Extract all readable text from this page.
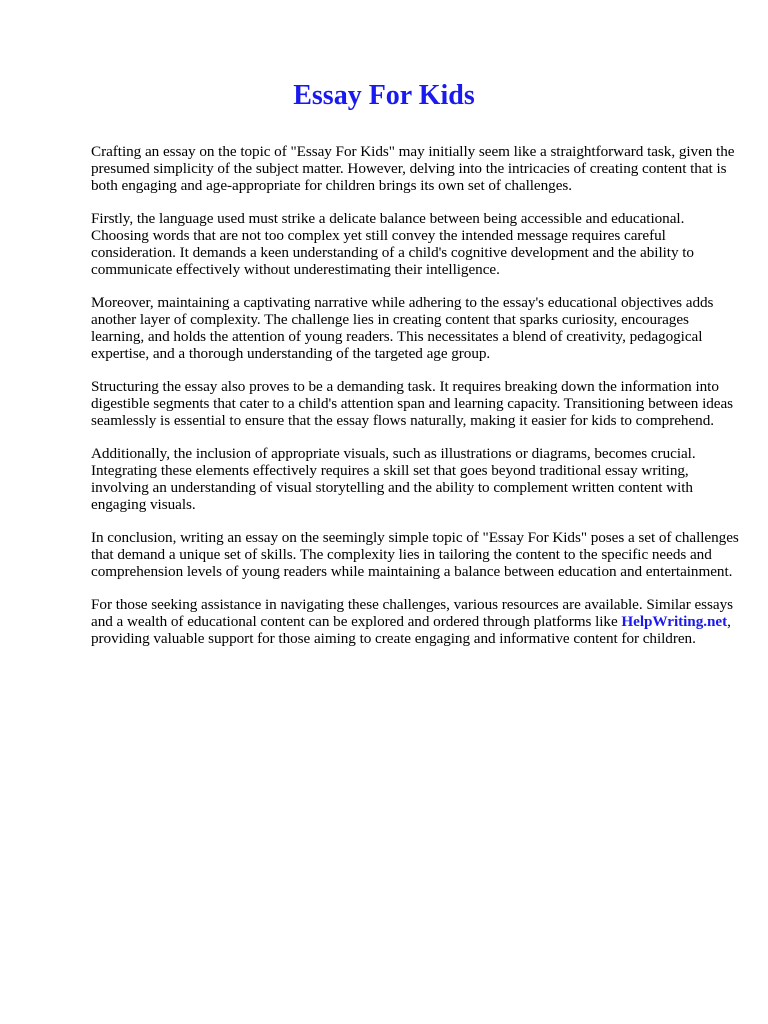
Essay For Kids

Crafting an essay on the topic of "Essay For Kids" may initially seem like a straightforward task, given the presumed simplicity of the subject matter. However, delving into the intricacies of creating content that is both engaging and age-appropriate for children brings its own set of challenges.

Firstly, the language used must strike a delicate balance between being accessible and educational. Choosing words that are not too complex yet still convey the intended message requires careful consideration. It demands a keen understanding of a child's cognitive development and the ability to communicate effectively without underestimating their intelligence.

Moreover, maintaining a captivating narrative while adhering to the essay's educational objectives adds another layer of complexity. The challenge lies in creating content that sparks curiosity, encourages learning, and holds the attention of young readers. This necessitates a blend of creativity, pedagogical expertise, and a thorough understanding of the targeted age group.

Structuring the essay also proves to be a demanding task. It requires breaking down the information into digestible segments that cater to a child's attention span and learning capacity. Transitioning between ideas seamlessly is essential to ensure that the essay flows naturally, making it easier for kids to comprehend.

Additionally, the inclusion of appropriate visuals, such as illustrations or diagrams, becomes crucial. Integrating these elements effectively requires a skill set that goes beyond traditional essay writing, involving an understanding of visual storytelling and the ability to complement written content with engaging visuals.

In conclusion, writing an essay on the seemingly simple topic of "Essay For Kids" poses a set of challenges that demand a unique set of skills. The complexity lies in tailoring the content to the specific needs and comprehension levels of young readers while maintaining a balance between education and entertainment.

For those seeking assistance in navigating these challenges, various resources are available. Similar essays and a wealth of educational content can be explored and ordered through platforms like HelpWriting.net, providing valuable support for those aiming to create engaging and informative content for children.
